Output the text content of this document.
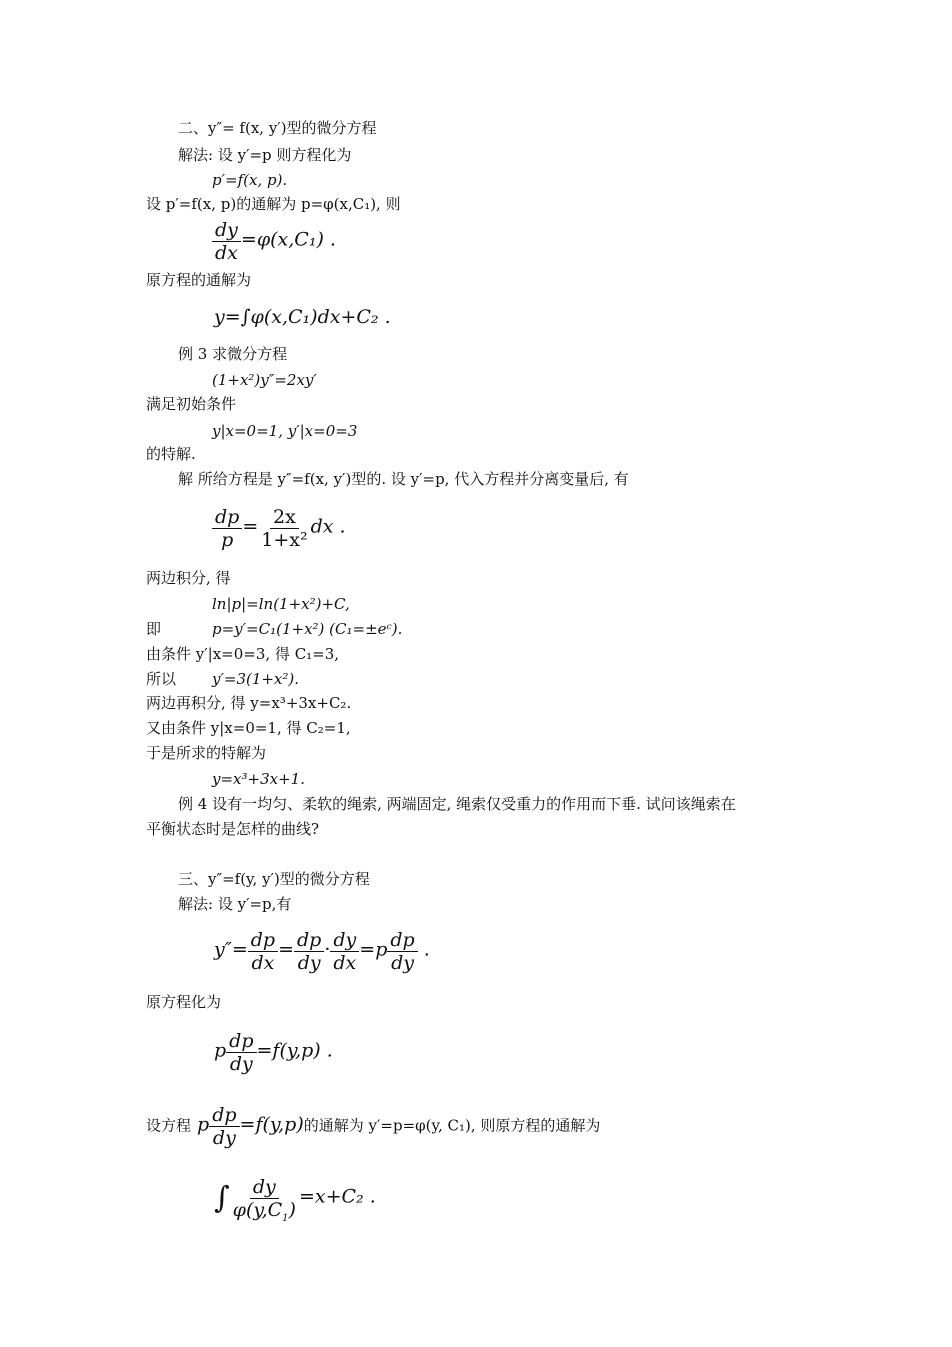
二、y″= f(x, y′)型的微分方程
解法: 设 y′=p 则方程化为
p′=f(x, p).
设 p′=f(x, p)的通解为 p=φ(x,C₁), 则
$\frac{dy}{dx} =\varphi(x,C_1)$ .
原方程的通解为
y=∫φ(x,C₁)dx+C₂ .
例 3 求微分方程
(1+x²)y″=2xy′
满足初始条件
y|x=0=1, y′|x=0=3
的特解.
解 所给方程是 y″=f(x, y′)型的. 设 y′=p, 代入方程并分离变量后, 有
$\frac{dp}{p} = \frac{2x}{\text{1+x²}}$ dx .
两边积分, 得
ln|p|=ln(1+x²)+C,
即	p=y′=C₁(1+x²) (C₁=±eᶜ).
由条件 y′|x=0=3, 得 C₁=3,
所以 y′=3(1+x²).
两边再积分, 得 y=x³+3x+C₂.
又由条件 y|x=0=1, 得 C₂=1,
于是所求的特解为
y=x³+3x+1.
例 4 设有一均匀、柔软的绳索, 两端固定, 绳索仅受重力的作用而下垂. 试问该绳索在
平衡状态时是怎样的曲线?
三、y″=f(y, y′)型的微分方程
解法: 设 y′=p,有
$y''= \frac{dp}{dx} = \frac{dp}{dy} \cdot \frac{dy}{dx} =p \frac{dp}{dy}$ .
原方程化为
p $\frac{dp}{dy} =f(y,p)$ .
设方程 p $\frac{dp}{dy} =f(y,p)$的通解为 y′=p=φ(y, C₁), 则原方程的通解为
∫ $\frac{dy}{\varphi(y,C_1)} =x+C_2$ .
